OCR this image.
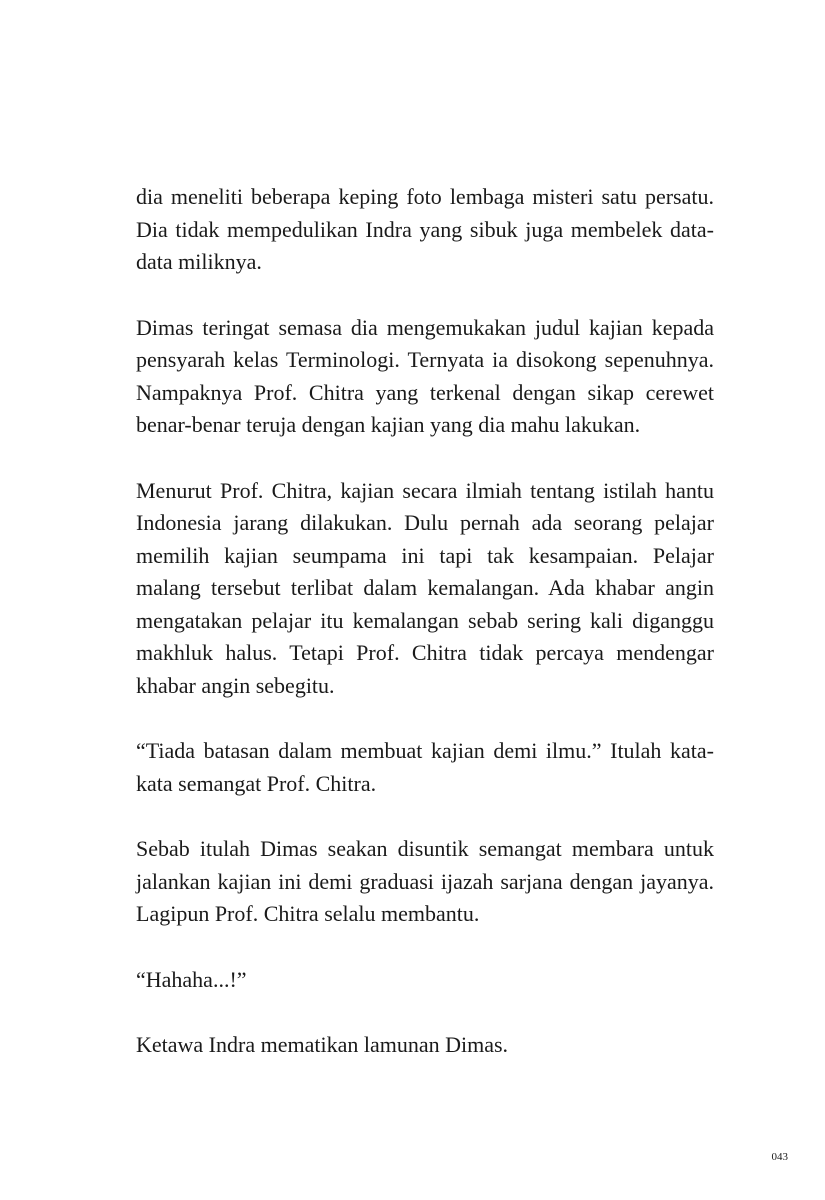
dia meneliti beberapa keping foto lembaga misteri satu persatu. Dia tidak mempedulikan Indra yang sibuk juga membelek data-data miliknya.

Dimas teringat semasa dia mengemukakan judul kajian kepada pensyarah kelas Terminologi. Ternyata ia disokong sepenuhnya. Nampaknya Prof. Chitra yang terkenal dengan sikap cerewet benar-benar teruja dengan kajian yang dia mahu lakukan.

Menurut Prof. Chitra, kajian secara ilmiah tentang istilah hantu Indonesia jarang dilakukan. Dulu pernah ada seorang pelajar memilih kajian seumpama ini tapi tak kesampaian. Pelajar malang tersebut terlibat dalam kemalangan. Ada khabar angin mengatakan pelajar itu kemalangan sebab sering kali diganggu makhluk halus. Tetapi Prof. Chitra tidak percaya mendengar khabar angin sebegitu.

“Tiada batasan dalam membuat kajian demi ilmu.” Itulah kata-kata semangat Prof. Chitra.

Sebab itulah Dimas seakan disuntik semangat membara untuk jalankan kajian ini demi graduasi ijazah sarjana dengan jayanya. Lagipun Prof. Chitra selalu membantu.

“Hahaha...!”

Ketawa Indra mematikan lamunan Dimas.

043
